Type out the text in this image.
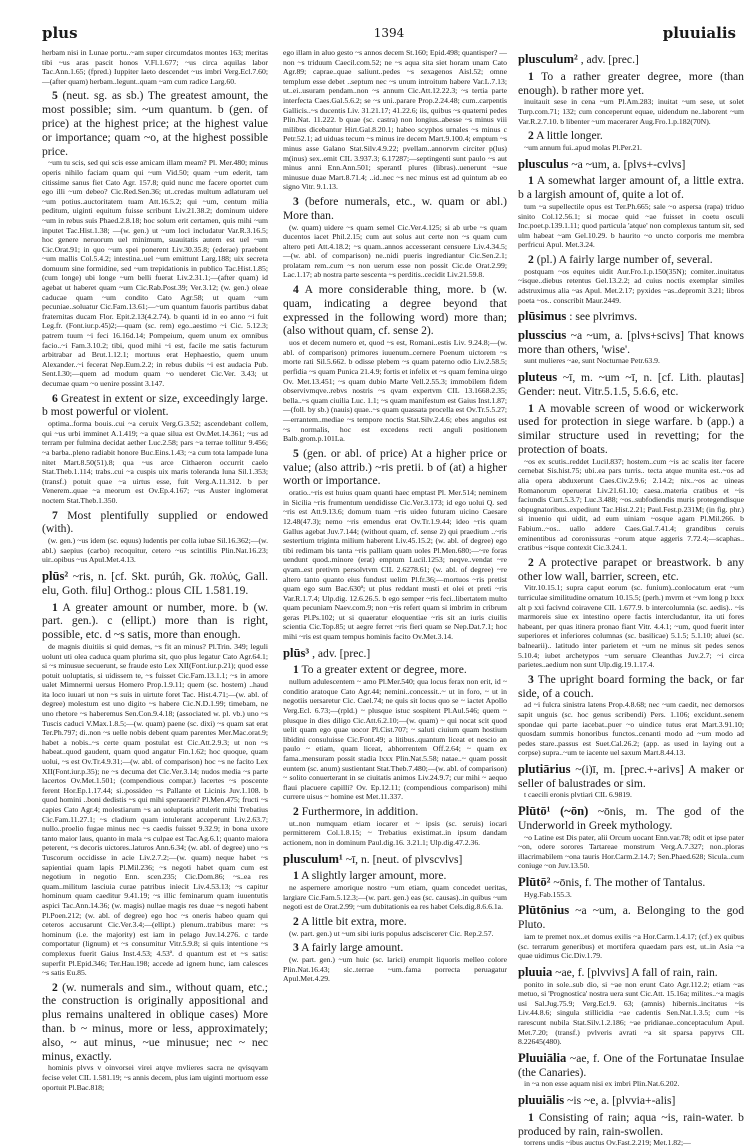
plus	1394	pluuialis
herbam nisi in Lunae portu..~am super circumdatos montes 163; meritas tibi ~us aras pascit honos V.Fl.1.677; ~us circa aquilas labor Tac.Ann.1.65; (fpred.) Iuppiter laeto descendet ~us imbri Verg.Ecl.7.60;—(after quam) herbam..legunt..quam ~am cum radice Larg.60.
5 (neut. sg. as sb.) The greatest amount, the most possible; sim. ~um quantum. b (gen. of price) at the highest price; at the highest value or importance; quam ~o, at the highest possible price.
~um tu scis, sed qui scis esse amicam illam meam? Pl. Mer.480; minus operis nihilo faciam quam qui ~um Vid.50; quam ~um ederit, tam citissime sanus fiet Cato Agr. 157.8; quid nunc me facere oportet cum ego illi ~um debeo? Cic.Red.Sen.36; ut..credas multum adlaturam uel ~um potius..auctoritatem tuam Att.16.5.2; qui ~um, centum milia peditum, uiginti equitum fuisse scribunt Liv.21.38.2; dominum uidere ~um in rebus suis Phaed.2.8.18; hoc solum erit certamen, quis mihi ~um inputet Tac.Hist.1.38; —(w. gen.) ut ~um loci includatur Var.R.3.16.5; hoc genere neruorum uel minimum, suauitatis autem est uel ~um Cic.Orat.91; in quo ~um spei ponerent Liv.30.35.8; (ederae) praebent ~um mallis Col.5.4.2; intestina..uel ~um emittunt Larg.188; uix secreta domuum sine formidine, sed ~um trepidationis in publico Tac.Hist.1.85; (cum longe) ubi longe ~um belli fuerat Liv.2.31.1;—(after quam) id agebat ut haberet quam ~um Cic.Rab.Post.39; Ver.3.12; (w. gen.) oleae caducae quam ~um condito Cato Agr.58; ut quam ~um pecuniae..soluatur Cic.Fam.13.61;—~um quantum fauoris partibus dabat fraternitas ducam Flor. Epit.2.13(4.2.74). b quanti id in eo anno ~i fuit Leg.fr. (Font.iur.p.45)2;—quam (sc. rem) ego..aestimo ~i Cic. 5.12.3; patrem tuum ~i feci 16.16d.14; Pompeium, quem unum ex omnibus facio..~i Fam.3.10.2; tibi, quod mihi ~i est, facile me satis facturum arbitrabar ad Brut.1.12.1; mortuus erat Hephaestio, quem unum Alexander..~i fecerat Nep.Eum.2.2; in rebus dubiis ~i est audacia Pub. Sent.I.30;—quem ad modum quam ~o uenderet Cic.Ver. 3.43; ut decumae quam ~o uenire possint 3.147.
6 Greatest in extent or size, exceedingly large. b most powerful or violent.
optima..forma bouis..cui ~a ceruix Verg.G.3.52; ascendebant collem, qui ~us urbi imminet A.1.419; ~a quae silua est Ov.Met.14.361; ~us ad terram per fulmina decidat aether Luc.2.58; pars ~a terrae tollitur 9.456; ~a barba..pleno radiabit honore Buc.Eins.1.43; ~a cum tota lampade luna nitet Mart.8.50(51).8; qua ~us arce Cithaeron occurrit caelo Stat.Theb.1.114; trabs..cui ~a cuspis uix maris toleranda luna Sil.1.353; (transf.) potuit quae ~a uirtus esse, fuit Verg.A.11.312. b per Venerem..quae ~a meorum est Ov.Ep.4.167; ~us Auster inglomerat noctem Stat.Theb.1.350.
7 Most plentifully supplied or endowed (with).
(w. gen.) ~us idem (sc. equus) ludentis per colla iubae Sil.16.362;—(w. abl.) saepius (carbo) recoquitur, cetero ~us scintillis Plin.Nat.16.23; uir..opibus ~us Apul.Met.4.13.
plūs² ~ris, n. [cf. Skt. purúh, Gk. πολύς, Gall. elu, Goth. filu] Orthog.: plous CIL 1.581.19.
1 A greater amount or number, more. b (w. part. gen.). c (ellipt.) more than is right, possible, etc. d ~s satis, more than enough.
de magnis diuitiis si quid demas, ~s fit an minus? Pl.Trin. 349; leguli uolunt uti olea caduca quam plurima sit, quo plus legatur Cato Agr.64.1; si ~s minusue secuerunt, se fraude esto Lex XII(Font.iur.p.21); quod esse potuit uoluptatis, si uidissem te, ~s fuisset Cic.Fam.13.1.1; ~s in amore ualet Mimnermi uersus Homero Prop.1.9.11; quem (sc. hostem) ..haud ita loco iuuari ut non ~s suis in uirtute foret Tac. Hist.4.71;—(w. abl. of degree) molestum est uno digito ~s habere Cic.N.D.1.99; timebam, ne uno rhetore ~s haberemus Sen.Con.9.4.18; (associated w. pl. vb.) uno ~s Tuscis caduci V.Max.1.8.5;—(w. quam) paene (sc. dixi) ~s quam sat erat Ter.Ph.797; di..non ~s uelle nobis debent quam parentes Mer.Mac.orat.9; habet a nobis..~s certe quam postulat est Cic.Att.2.9.3; ut non ~s habeat..quod gaudent, quam quod angatur Fin.1.62; hoc quoque, quam uolui, ~s est Ov.Tr.4.9.31;—(w. abl. of comparison) hoc ~s ne facito Lex XII(Font.iur.p.35); ne ~s decuma det Cic.Ver.3.14; nudos media ~s parte lacertos Ov.Met.1.501; (compendious compar.) lacertes ~s poscente ferent Hor.Ep.1.17.44; si..possideo ~s Pallante et Licinis Juv.1.108. b quod homini ..boni dedistis ~s qui mihi sperauerit? Pl.Men.475; fructi ~s capies Cato Agr.4; molestiarum ~s an uoluptatis attulerit mihi Trebatius Cic.Fam.11.27.1; ~s cladium quam intulerant acceperunt Liv.2.63.7; nullo..proelio fugae minus nec ~s caedis fuisset 9.32.9; in bona uxore tanto maior laus, quanto in mala ~s culpae est Tac.Ag.6.1; quanto maiora peterent, ~s decoris uictores..laturos Ann.6.34; (w. abl. of degree) uno ~s Tuscorum occidisse in acie Liv.2.7.2;—(w. quam) neque habet ~s sapientiai quam lapis Pl.Mil.236; ~s negoti habet quam cum est negotium in negotio Enn. scen.235; Cic.Dom.86; ~s..ea res quam..militum lasciuia curae patribus iniecit Liv.4.53.13; ~s capitur hominum quam caeditur 9.41.19; ~s illic feminarum quam iuuentutis aspici Tac.Ann.14.36; (w. magis) nullae magis res duae ~s negoti habent Pl.Poen.212; (w. abl. of degree) ego hoc ~s oneris habeo quam qui ceteros accusarunt Cic.Ver.3.4;—(ellipt.) plenum..trabibus mare: ~s hominum (i.e. the majority) est iam in pelago Juv.14.276. c tarde comportatur (lignum) et ~s consumitur Vitr.5.9.8; si quis intentione ~s complexus fuerit Gaius Inst.4.53; 4.53ª. d quantum est et ~s satis: superfit Pl.Epid.346; Ter.Hau.198; accede ad ignem hunc, iam calesces ~s satis Eu.85.
2 (w. numerals and sim., without quam, etc.; the construction is originally appositional and plus remains unaltered in oblique cases) More than. b ~ minus, more or less, approximately; also, ~ aut minus, ~ue minusue; nec ~ nec minus, exactly.
hominis plvvs v oinvorsei virei atqve mvlieres sacra ne qvisqvam fecise velet CIL 1.581.19; ~s annis decem, plus iam uiginti mortuom esse oportuit Pl.Bac.818;
ego illam in aluo gesto ~s annos decem St.160; Epid.498; quantisper? — non ~s triduum Caecil.com.52; ne ~s aqua sita siet horam unam Cato Agr.89; caprae..quae saliunt..pedes ~s sexagenos Aisl.52; omne templum esse debet ..septum nec ~s unum introitum habere Var.L.7.13; ut..ei..usuram pendam..non ~s annum Cic.Att.12.22.3; ~s tertia parte interfecta Caes.Gal.5.6.2; se ~s uni..parare Prop.2.24.48; cum..carpentis Gallicis..~s ducentis Liv. 31.21.17; 41.22.6; iis, quibus ~s quaterni pedes Plin.Nat. 11.222. b quae (sc. castra) non longius..abesse ~s minus viii milibus dicebantur Hirt.Gal.8.20.1; habeo scyphos urnales ~s minus c Petr.52.1; ad uiduas tecum ~s minus ire decem Mart.9.100.4; emptum ~s minus asse Galano Stat.Silv.4.9.22; pvellam..annorvm circiter p(lus) m(inus) sex..emit CIL 3.937.3; 6.17287;—septingenti sunt paulo ~s aut minus anni Enn.Ann.501; sperantI plures (libras)..uenerunt ~sue minusue duae Mart.8.71.4; ..id..nec ~s nec minus est ad quintum ab eo signo Vitr. 9.1.13.
3 (before numerals, etc., w. quam or abl.) More than.
(w. quam) uidere ~s quam semel Cic.Ver.4.125; si ab urbe ~s quam ducentos iacet Phil.2.15; cum aut solus aut certe non ~s quam cum altero peti Att.4.18.2; ~s quam..annos accesserant censuere Liv.4.34.5;—(w. abl. of comparison) ne..nidi pueris ingrediantur Cic.Sen.2.1; prolatam rem..cum ~s non uerum esse non possit Cic.de Orat.2.99; Lac.1.17; ab nostra parte sescenta ~s perditis..cecidit Liv.21.59.8.
4 A more considerable thing, more. b (w. quam, indicating a degree beyond that expressed in the following word) more than; (also without quam, cf. sense 2).
uos et decem numero et, quod ~s est, Romani..estis Liv. 9.24.8;—(w. abl. of comparison) primores iuuenum..cernere Poenum uictorem ~s morte rati Sil.5.662. b odisse plebem ~s quam paterno odio Liv.2.58.5; perfidia ~s quam Punica 21.4.9; fortis et infelix et ~s quam femina uirgo Ov. Met.13.451; ~s quam dubio Marte Vell.2.55.3; immobilem fidem observivmqve..rebvs nostris ~s qvam expertvm CIL 13.1668.2.35; bella..~s quam ciuilia Luc. 1.1; ~s quam manifestum est Gaius Inst.1.87;—(foll. by sb.) (nauis) quae..~s quam quassata procella est Ov.Tr.5.5.27; —errantem..mediae ~s tempore noctis Stat.Silv.2.4.6; ebes angulus est ~s normalis, hoc est excedens recti anguli positionem Balb.grom.p.101La.
5 (gen. or abl. of price) At a higher price or value; (also attrib.) ~ris pretii. b of (at) a higher worth or importance.
oratio..~ris est huius quam quanti haec emptast Pl. Mer.514; neminem in Sicilia ~ris frumentum uendidisse Cic.Ver.3.173; id ego uolui Q. sed ~ris est Att.9.13.6; domum tuam ~ris uideo futuram uicino Caesare 12.48(47.3); nemo ~ris emendus erat Ov.Tr.1.9.44; ideo ~ris quam Gallus agebat Juv.7.144; (without quam, cf. sense 2) qui praedium ..~ris sestertium triginta milium haberent Liv.45.15.2; (w. abl. of degree) ego tibi redimam bis tanta ~ris palliam quam uoles Pl.Men.680;—~re foras uendunt quod..minore (erat) emptum Lucil.1253; neqve..vendat ~re qvam..est pretivm persolvtvm CIL 2.6278.61; (w. abl. of degree) ~re altero tanto quanto eius fundust uelim Pl.fr.36;—mortuos ~ris pretist quam ego sum Bac.630ª; ut plus reddant musti et olei et preti ~ris Var.R.1.7.4; Ulp.dig. 12.6.26.5. b ego semper ~ris feci..libertatem multo quam pecuniam Naev.com.9; non ~ris refert quam si imbrim in cribrum geras Pl.Ps.102; ut si quaeratur eloquentiae ~ris sit an iuris ciuilis scientia Cic.Top.85; ut aegre ferret ~ris fieri quam se Nep.Dat.7.1; hoc mihi ~ris est quam tempus hominis facito Ov.Met.3.14.
plūs³ , adv. [prec.]
1 To a greater extent or degree, more.
nullum adulescentem ~ amo Pl.Mer.540; qua locus ferax non erit, id ~ conditio aratoque Cato Agr.44; nemini..concessit..~ ut in foro, ~ ut in negotiis uersaretur Cic. Cael.74; ne quis sit locus quo se ~ iactet Apollo Verg.Ecl. 6.73;—(rpld.) ~ plusque istuc sospitent Pl.Aul.546; quem ~ plusque in dies diligo Cic.Att.6.2.10;—(w. quam) ~ qui nocat scit quod uelit quam ego quae uocor Pl.Cist.707; ~ saluti ciuium quam hostium libidini consuluisse Cic.Font.49; a litibus..quantum liceat et nescio an paulo ~ etiam, quam liceat, abhorrentem Off.2.64; ~ quam ex fama..mensuram possit stadia lxxx Plin.Nat.5.58; natae..~ quam possit euntem (sc. anum) sustientant Stat.Theb.7.480;—(w. abl. of comparison) ~ solito conuerterant in se ciuitatis animos Liv.24.9.7; cur mihi ~ aequo flaui placuere capilli? Ov. Ep.12.11; (compendious comparison) mihi currere uisus ~ homine est Met.11.337.
2 Furthermore, in addition.
ut..non numquam etiam iocarer et ~ ipsis (sc. seruis) iocari permitterem Col.1.8.15; ~ Trebatius existimat..in ipsum dandam actionem, non in dominum Paul.dig.16. 3.21.1; Ulp.dig.47.2.36.
plusculum¹ ~ī, n. [neut. of plvscvlvs]
1 A slightly larger amount, more.
ne aspernere amorique nostro ~um etiam, quam concedet ueritas, largiare Cic.Fam.5.12.3;—(w. part. gen.) eas (sc. causas)..in quibus ~um negoti est de Orat.2.99; ~um dubitationis ea res habet Cels.dig.8.6.6.1a.
2 A little bit extra, more.
(w. part. gen.) ut ~um sibi iuris populus adsciscerет Cic. Rep.2.57.
3 A fairly large amount.
(w. part. gen.) ~um huic (sc. larici) erumpit liquoris melleo colore Plin.Nat.16.43; sic..terrae ~um..fama porrecta peruagatur Apul.Met.4.29.
plusculum² , adv. [prec.]
1 To a rather greater degree, more (than enough). b rather more yet.
inuitauit sese in cena ~um Pl.Am.283; inuitat ~um sese, ut solet Turp.com.71; 132; cum conceperunt equae, uidendum ne..laborent ~um Var.R.2.7.10. b libenter ~um macerarer Aug.Fro.1.p.182(70N).
2 A little longer.
~um annum fui..apud molas Pl.Per.21.
plusculus ~a ~um, a. [plvs+-cvlvs]
1 A somewhat larger amount of, a little extra. b a largish amount of, quite a lot of.
tum ~a supellectile opus est Ter.Ph.665; sale ~o aspersa (rapa) triduo sinito Col.12.56.1; si mocae quid ~ae fuisset in coetu osculi Inc.poet.p.139.1.11; quod particula 'atque' non complexus tantum sit, sed ulm habeat ~am Gel.10.29. b haurito ~o uncto corporis me membra perfricui Apul. Met.3.24.
2 (pl.) A fairly large number of, several.
postquam ~os equites uidit Aur.Fro.1.p.150(35N); comiter..inuitatus ~isque..diebus retentus Gel.13.2.2; ad cuius noctis exemplar similes adstruximus alia ~as Apul. Met.2.17; pyxides ~as..depromit 3.21; libros poeta ~os.. conscribit Maur.2449.
plūsimus : see plvrimvs.
plusscius ~a ~um, a. [plvs+scivs] That knows more than others, 'wise'.
sunt mulieres ~ae, sunt Nocturnae Petr.63.9.
pluteus ~ī, m. ~um ~ī, n. [cf. Lith. plautas] Gender: neut. Vitr.5.1.5, 5.6.6, etc.
1 A movable screen of wood or wickerwork used for protection in siege warfare. b (app.) a similar structure used in revetting; for the protection of boats.
~os ex scutis..reddet Lucil.837; hostem..cum ~is ac scalis iter facere cernebat Sis.hist.75; ubi..ea pars turris.. tecta atque munita est..~os ad alia opera abduxerunt Caes.Civ.2.9.6; 2.14.2; nix..~os ac uineas Romanorum operuerat Liv.21.61.10; caesa..materia cratibus et ~is faciundis Curt.5.3.7; Luc.3.488; ~os..subfodiendis muris protegendisque obpugnatoribus..expediunt Tac.Hist.2.21; Paul.Fest.p.231M; (in fig. phr.) si inuenio qui uidit, ad eum uiniam ~osque agam Pl.Mil.266. b Fabium..~os.. uallo addere Caes.Gal.7.41.4; grandibus ceruis eminentibus ad coronissuras ~orum atque aggeris 7.72.4;—scaphas.. cratibus ~isque contexit Cic.3.24.1.
2 A protective parapet or breastwork. b any other low wall, barrier, screen, etc.
Vitr.10.15.1; supra caput eorum (sc. funium)..conlocatum erat ~um turriculae similitudine ornatum 10.15.5; (perh.) mvrm et ~vm long p lxxx alt p xxi facivnd coiravene CIL 1.677.9. b intercolumnia (sc. aedis).. ~is marmoreis siue ex intestino opere factis intercludantur, ita uti fores habeant, per quas itinera pronao fiant Vitr. 4.4.1; ~um, quod fuerit inter superiores et inferiores columnas (sc. basilicae) 5.1.5; 5.1.10; aluei (sc. balnearii).. latitudo inter parietem et ~um ne minus sit pedes senos 5.10.4; iubet archetypos ~um seruare Cleanthas Juv.2.7; ~i circa parietes..aedium non sunt Ulp.dig.19.1.17.4.
3 The upright board forming the back, or far side, of a couch.
ad ~i fulcra sinistra latens Prop.4.8.68; nec ~um caedit, nec demorsos sapit unguis (sc. hoc genus scribendi) Pers. 1.106; excidunt..senem spondae qui parte iacebat..puer ~o uindice tutus erat Mart.3.91.10; quosdam summis honoribus functos..cenanti modo ad ~um modo ad pedes stare..passus est Suet.Cal.26.2; (app. as used in laying out a corpse) supra..~um te iacente uel saxum Mart.8.44.13.
plutiārius ~(i)ī, m. [prec.+-arivs] A maker or seller of balustrades or sim.
t caecili eronis plvtiari CIL 6.9819.
Plūtō¹ (~ōn) ~ōnis, m. The god of the Underworld in Greek mythology.
~o Latine est Dis pater, alii Orcum uocant Enn.var.78; odit et ipse pater ~on, odere sorores Tartareae monstrum Verg.A.7.327; non..ploras illacrimabilem ~ona tauris Hor.Carm.2.14.7; Sen.Phaed.628; Sicula..cum coniuge ~on Juv.13.50.
Plūtō² ~ōnis, f. The mother of Tantalus.
Hyg.Fab.155.3.
Plūtōnius ~a ~um, a. Belonging to the god Pluto.
iam te premet nox..et domus exilis ~a Hor.Carm.1.4.17; (cf.) ex quibus (sc. terrarum generibus) et mortifera quaedam pars est, ut..in Asia ~a quae uidimus Cic.Div.1.79.
pluuia ~ae, f. [plvvivs] A fall of rain, rain.
ponito in sole..sub dio, si ~ae non erunt Cato Agr.112.2; etiam ~as metuo, si 'Prognostica' nostra uera sunt Cic.Att. 15.16a; milites..~a magis usi Sal.Jug.75.9; Verg.Ecl.9. 63; (amnis) hibernis..incitatus ~is Liv.44.8.6; singula stillicidia ~ae cadentis Sen.Nat.1.3.5; cum ~is rarescunt nubila Stat.Silv.1.2.186; ~ae pridianae..conceptaculum Apul. Met.7.20; (transf.) pvlveris avrati ~a sit sparsa papyrvs CIL 8.22645(480).
Pluuiālia ~ae, f. One of the Fortunatae Insulae (the Canaries).
in ~a non esse aquam nisi ex imbri Plin.Nat.6.202.
pluuiālis ~is ~e, a. [plvvia+-alis]
1 Consisting of rain; aqua ~is, rain-water. b produced by rain, rain-swollen.
torrens undis ~ibus auctus Ov.Fast.2.219; Met.1.82;—
